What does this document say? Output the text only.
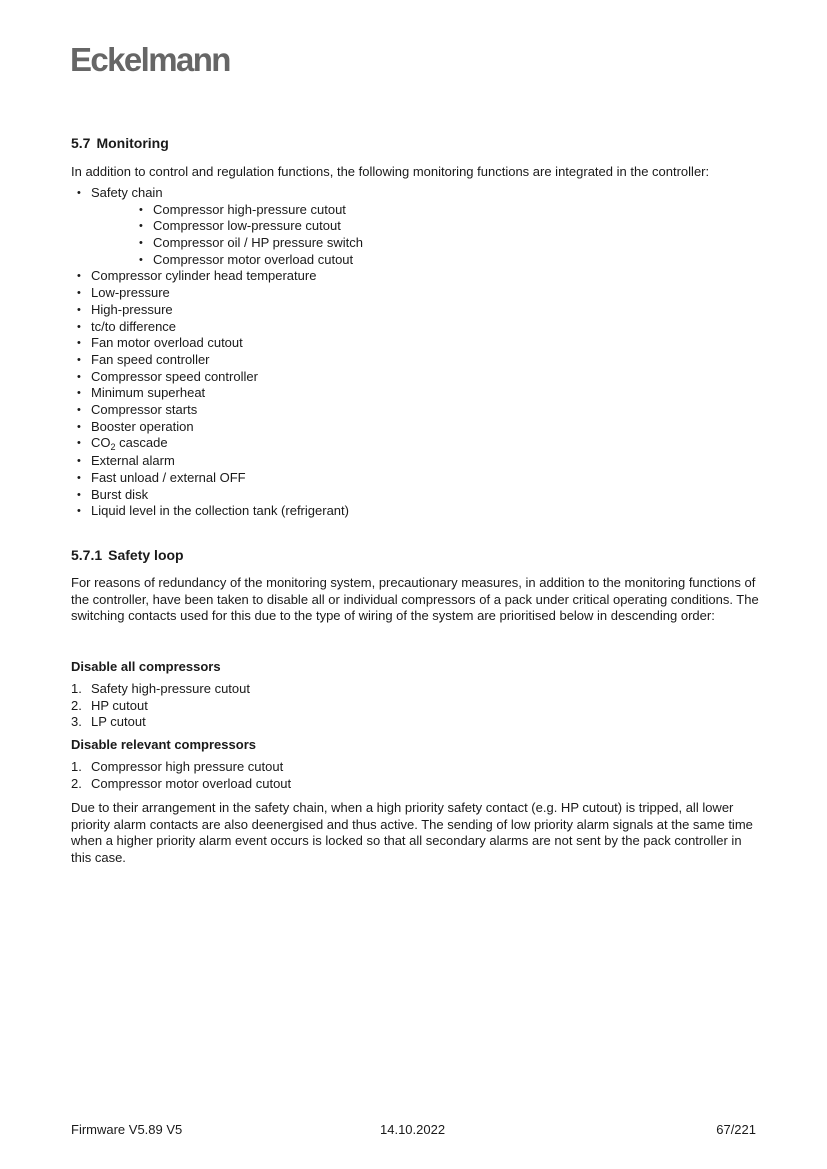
Eckelmann
5.7 Monitoring

In addition to control and regulation functions, the following monitoring functions are integrated in the controller:

• Safety chain
• Compressor high-pressure cutout
• Compressor low-pressure cutout
• Compressor oil / HP pressure switch
• Compressor motor overload cutout
• Compressor cylinder head temperature
• Low-pressure
• High-pressure
• tc/to difference
• Fan motor overload cutout
• Fan speed controller
• Compressor speed controller
• Minimum superheat
• Compressor starts
• Booster operation
• $CO_2$ cascade
• External alarm
• Fast unload / external OFF
• Burst disk
• Liquid level in the collection tank (refrigerant)
5.7.1 Safety loop

For reasons of redundancy of the monitoring system, precautionary measures, in addition to the monitoring functions of the controller, have been taken to disable all or individual compressors of a pack under critical operating conditions. The switching contacts used for this due to the type of wiring of the system are prioritised below in descending order:

Disable all compressors
1. Safety high-pressure cutout
2. HP cutout
3. LP cutout
Disable relevant compressors
1. Compressor high pressure cutout
2. Compressor motor overload cutout

Due to their arrangement in the safety chain, when a high priority safety contact (e.g. HP cutout) is tripped, all lower priority alarm contacts are also deenergised and thus active. The sending of low priority alarm signals at the same time when a higher priority alarm event occurs is locked so that all secondary alarms are not sent by the pack controller in this case.

Firmware V5.89 V5	14.10.2022	67/221
